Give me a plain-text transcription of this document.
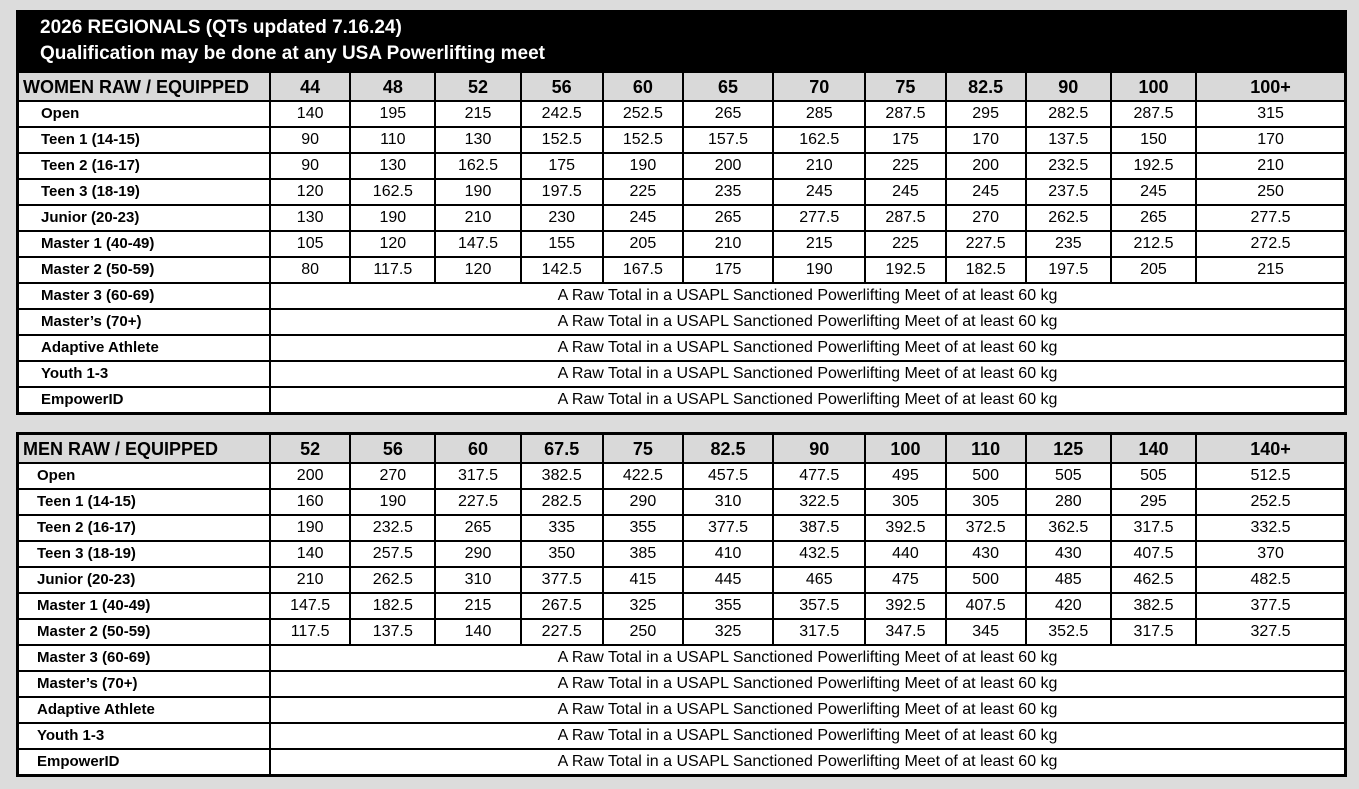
2026 REGIONALS (QTs updated 7.16.24)
Qualification may be done at any USA Powerlifting meet
WOMEN RAW / EQUIPPED	44	48	52	56	60	65	70	75	82.5	90	100	100+
Open	140	195	215	242.5	252.5	265	285	287.5	295	282.5	287.5	315
Teen 1 (14-15)	90	110	130	152.5	152.5	157.5	162.5	175	170	137.5	150	170
Teen 2 (16-17)	90	130	162.5	175	190	200	210	225	200	232.5	192.5	210
Teen 3 (18-19)	120	162.5	190	197.5	225	235	245	245	245	237.5	245	250
Junior (20-23)	130	190	210	230	245	265	277.5	287.5	270	262.5	265	277.5
Master 1 (40-49)	105	120	147.5	155	205	210	215	225	227.5	235	212.5	272.5
Master 2 (50-59)	80	117.5	120	142.5	167.5	175	190	192.5	182.5	197.5	205	215
Master 3 (60-69)	A Raw Total in a USAPL Sanctioned Powerlifting Meet of at least 60 kg											
Master’s (70+)	A Raw Total in a USAPL Sanctioned Powerlifting Meet of at least 60 kg											
Adaptive Athlete	A Raw Total in a USAPL Sanctioned Powerlifting Meet of at least 60 kg											
Youth 1-3	A Raw Total in a USAPL Sanctioned Powerlifting Meet of at least 60 kg											
EmpowerID	A Raw Total in a USAPL Sanctioned Powerlifting Meet of at least 60 kg											
MEN RAW / EQUIPPED	52	56	60	67.5	75	82.5	90	100	110	125	140	140+
Open	200	270	317.5	382.5	422.5	457.5	477.5	495	500	505	505	512.5
Teen 1 (14-15)	160	190	227.5	282.5	290	310	322.5	305	305	280	295	252.5
Teen 2 (16-17)	190	232.5	265	335	355	377.5	387.5	392.5	372.5	362.5	317.5	332.5
Teen 3 (18-19)	140	257.5	290	350	385	410	432.5	440	430	430	407.5	370
Junior (20-23)	210	262.5	310	377.5	415	445	465	475	500	485	462.5	482.5
Master 1 (40-49)	147.5	182.5	215	267.5	325	355	357.5	392.5	407.5	420	382.5	377.5
Master 2 (50-59)	117.5	137.5	140	227.5	250	325	317.5	347.5	345	352.5	317.5	327.5
Master 3 (60-69)	A Raw Total in a USAPL Sanctioned Powerlifting Meet of at least 60 kg											
Master’s (70+)	A Raw Total in a USAPL Sanctioned Powerlifting Meet of at least 60 kg											
Adaptive Athlete	A Raw Total in a USAPL Sanctioned Powerlifting Meet of at least 60 kg											
Youth 1-3	A Raw Total in a USAPL Sanctioned Powerlifting Meet of at least 60 kg											
EmpowerID	A Raw Total in a USAPL Sanctioned Powerlifting Meet of at least 60 kg											
